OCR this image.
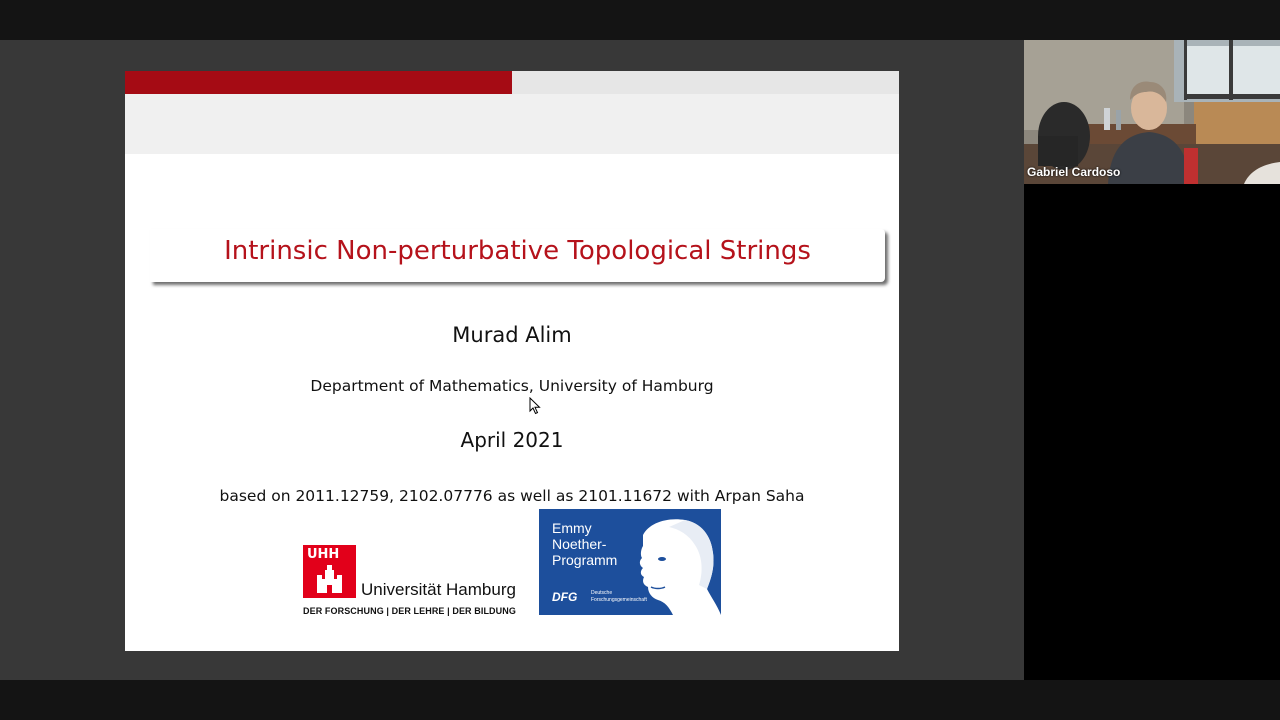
Intrinsic Non-perturbative Topological Strings
Murad Alim
Department of Mathematics, University of Hamburg
April 2021
based on 2011.12759, 2102.07776 as well as 2101.11672 with Arpan Saha
UHH
Universität Hamburg
DER FORSCHUNG | DER LEHRE | DER BILDUNG
Emmy
Noether-
Programm
DFG	Deutsche
Forschungsgemeinschaft
Gabriel Cardoso
